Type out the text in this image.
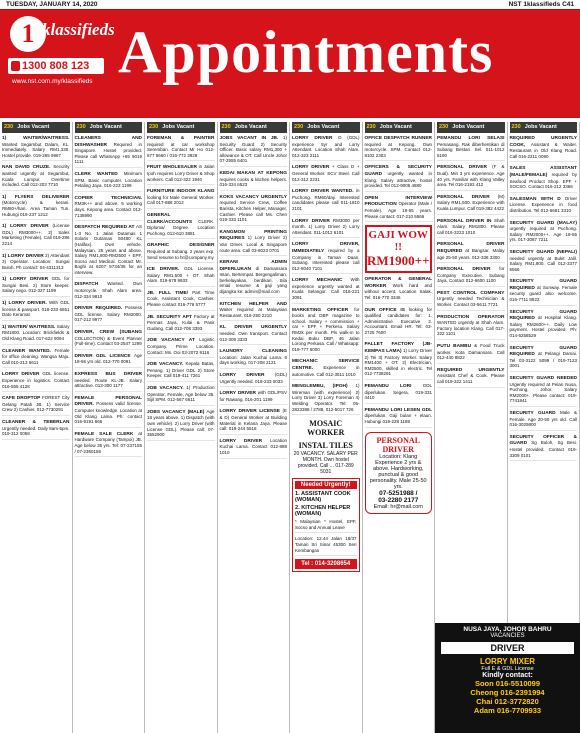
TUESDAY, JANUARY 14, 2020	NST 1klassifieds C41
1 klassifieds
1300 808 123
www.nst.com.my/klassifieds Appointments
230 Jobs Vacant
1) WAITER/WAITRESS. Wanted Segambut Dalam, KL. Immediately. Salary RM1,330. Hostel provide. 019-265 9967
NAN DAVID CRUZE. Security wanted urgently at Segambut, Kuala Lumpur. Overtime included. Call 012-203 7710
1) FLYERS DELIVERER (Motorcycle) & kerani. RM60+/hari. Area Taman Tun. Hubungi 019-237 1212
1) LORRY DRIVER (License GDL) RM3000++. 2) Sales Marketing (Female). Call 019-286 2214
1) LORRY DRIVER 2) Attendant 3) Operator. Location: Sungai Buloh. Ph contact: 04-4311313
1) LORRY DRIVER GDL for Sungai Besi. 2) Store keeper. Salary nego. 012-327 1199
1) LORRY DRIVER. With GDL license & passport. 018-233 6651 Dato Keramat
1) WAITER/ WAITRESS. Salary RM1800. Location: Brickfields & Old Klang Road. 017-622 9094
CLEANER WANTED. Female for office cleaning. Wangsa Maju. Call 010-213 6611
LORRY DRIVER GDL license. Experience in logistics. Contact 016-555 4128
CAFE DROPTOP FOREST City Gelang Patah JB. 1) Service Crew 2) Cashier. 012-7730291
CLEANER & TEBERLAN Urgently needed. Daily 8am-5pm. 019-312 0058
230 Jobs Vacant
CLEANERS AND DISHWASHER Required in Singapore. Hostel provided. Please call WhatsApp +65 9019 1111
CLERK WANTED Minimum SPM. Basic computer. Location Petaling Jaya. 016-223 1199
COPIER TECHNICIAN. RM3K++ and above. 5 working days. Kepong area. Contact 012-7138990
DESPATCH REQUIRED AT AS 1-3 No. 1 Jalan Dutamas 1 Solaris Dutamas 50480 KL (Halifax). Own vehicle. Malaysian, 25 years and above. Salary RM1,800-RM2500 + EPF, Socso and Medical. Contact Mr. Boghi at 6207 9734/35 for an interview.
DISPATCH Wanted. Own motorcycle. Shah Alam area. 012-334 9810
DRIVER REQUIRED. Possess GDL license. Salary RM2000. 017-212 9977
DRIVER, CREW (SUBANG COLLECTION) & Event Planner (Full-time). Contact 03-2547 1299
DRIVER GDL LICENCE Age 18-56 yrs old. 012-770 0091
EXPRESS BUS DRIVER needed. Route KL-JB. Salary attractive. 013-300 1177
FEMALE PERSONAL DRIVER. Possess valid license. Computer knowledge. Location at Old Klang Lama. Ph: contact 016-9191 666
FEMALE SALE CLERK at Hardware Company (Tampoi) JB. Age below 35 yrs. Tel: 07-237155 / 07-2360155
230 Jobs Vacant
FOREMAN & PAINTER required at car workshop Seremban. Contact Mr Ho 012-677 5660 / 016-772 3928
FRUIT WHOLESALER in Jalan Ipoh requires Lorry Driver & Shop workers. Call 012-322 1940
FURNITURE INDOOR KLANG looking for Male General Worker. Call 017-888 2012
GENERAL CLERK/ACCOUNTS CLERK. Diploma/ Degree. Location Puchong. 012-610 3881
GRAPHIC DESIGNER Required at Subang. 2 years exp. Send resume to hr@company.my
ICE DRIVER. GDL License. Salary RM1,500 + OT. Shah Alam. 019-678 9933
JB. FULL TIME/ Part Time Cook, Assistant Cook, Cashier. Please contact 016-776 5777
JB. SECURITY APT Factory at Permas Jaya, Kulai & Pasir Gudang. Call 012-708 3393
JOB VACANCY AT Logistic Company. Prime Location. Contact: Ms. Ooi 03-2072 9116
JOB VACANCY. Kepala Batas, Penang. 1) Driver GDL 2) Store Keeper. Call 019-411 7261
JOB VACANCY. 1) Production Operator, Female, Age below 35. Sijil SPM. 012-567 6611
JOBS VACANCY (MALE) Age 18 years above. 1) Dispatch (with own vehicle). 2) Lorry Driver (with License GDL). Please call: 07-3552900
230 Jobs Vacant
JOBS VACANT IN JB. 1) Security Guard 2) Security Officer. Basic salary RM1,300 + allowance & OT. Call Uncle Johor 07-2555 6401
KEDAI MAKAN AT KEPONG requires cooks & kitchen helpers. 016-334 6523
KOKS VACANCY URGENTLY required Service Crew, Coffee Barista, Kitchen Helper, Manager, Cashier. Please call Ms. Chen 019-333 1101
KANGMON PRINTING REQUIRES 1) Lorry Driver 2) Van Driver. Local & Singapore route area. Call 03-8023 0701
KERANI ADMIN DIPERLUKAN di Damansara Intan, Bertempat. Bergengaliman, berkelayakan, berdikari. Sila email resume & gaji yang dijangka ke: admin@mail.com
KITCHEN HELPER AND Waiter required at Malaysian Restaurant. 016-250 2210
KL DRIVER URGENTLY needed. Own transport. Contact 012-309 3333
LAUNDRY CLEANING Location: Jalan Kuchai Lama. 6 days working. 017-208 2121
LORRY DRIVER (GDL) Urgently needed. 018-233 0033
LORRY DRIVER with GDL/PSV for Rawang. 016-201 1199
LORRY DRIVER LICENSE (E & D) General Worker at Building Material in Kelana Jaya. Please call: 019-244 5518
LORRY DRIVER Location Kuchai Lama. Contact 012-888 1010
230 Jobs Vacant
LORRY DRIVER D (GDL) experience 5yr and Lorry Attendant. Location Shah Alam. 012-323 2111
LORRY DRIVER + Class D + General Worker. SCV Steel. Call 012-312 2231
LORRY DRIVER WANTED. in Puchong. RM60/day. Interested candidates please call 011-1810 2101
LORRY DRIVER RM3000 per month. 1) Lorry Driver 2) Lorry Attendant. 011-1012 6101
LORRY DRIVER, IMMEDIATELY required by a Company in Taman Daan, Subang. Interested please call 012-8040 7101
LORRY MECHANIC With experience urgently wanted at Kuala Selangor. Call 016-221 3091
MARKETING OFFICER for books and DBP magazine to school. Salary + commission + car + EPF + Perkeso. Salary RM2k per month. Pls walk-in to Kedai Buku DBP, 46 Jalan Lorong Perkasa. Call / Whatsapp: 019-777 6000
MECHANIC SERVICE CENTRE. Experience in automotive. Call 012-3511 1010
MENGLEMBU, (IPOH) 1) Wireman (with experience) 2) Lorry Driver 3) Lorry Foreman 4) Welding Operator. Tel: 05-2823388 / 2788, 012-5017 726
MOSAIC WORKER
INSTAL TILES
20 VACANCY. SALARY PER MONTH. Own hostel provided. Call ... 017-289 5031
Needed Urgently!
1. ASSISTANT COOK (WOMAN)
2. KITCHEN HELPER (WOMAN)
* Malaysian * Hostel, EPF, Socso and Annual Leave
Location: 12.44 Jalan 18/37 Taman Sri Sinar 45300 Seri Kembangan
Tel : 014-3208654
230 Jobs Vacant
OFFICE DESPATCH RUNNER required at Kepong. Own motorcycle. SPM. Contact 012-8102 2303
OFFICERS & SECURITY GUARD urgently wanted in Klang. Salary attractive, hostel provided. Tel 012-9005 4880
OPEN INTERVIEW PRODUCTION Operator (Male / Female). Age 18-55 years. Please contact: 017-210 5566
GAJI WOW !!
RM1900++
OPERATOR & GENERAL WORKER Work hard and without accent. Location Salak. Tel: 016-770 3346
OUR OFFICE IS looking for qualified candidates for: 1. Administrative Executive 2. Accountant. Email HR. Tel: 03-2725 7600
PALLET FACTORY (JB-KEMPAS LAMA) 1) Lorry Driver 2) Tei 3) Factory Worker. Salary RM1400 + OT. 2) Electrician, RM2500, skilled in electric. Tel 012-7738291
PEMANDU LORI GDL diperlukan. Segera. 019-331 4410
PEMANDU LORI LESEN GDL diperlukan. Gaji bulan + elaun. Hubungi 019-228 1188
PERSONAL DRIVER
Location: Klang
Experience 2 yrs & above. Hardworking, punctual & good personality. Male 25-50 yrs.
07-5251988 /
03-2280 2177
Email: hr@mail.com
230 Jobs Vacant
PEMANDU LORI SELASI Pemasang. Rak diberhentikan di Subang Bestari. Sel. 011-1012 6190
PERSONAL DRIVER (F & Dual). Min 3 yrs experience. Age 40 yrs. Familiar with Klang Valley area. Tel 016-2193 412
PERSONAL DRIVER (M) Salary RM1,500. Experience with Kuala Lumpur. Call 019-382 4422
PERSONAL DRIVER IN Shah Alam. Salary RM1800. Please call 016-3223 1010
PERSONAL DRIVER REQUIRED at Bangsar. Malay age 25-50 years. 012-338 3300
PERSONAL DRIVER for Company Executive. Subang Jaya. Contact 012-6600 1100
PEST CONTROL COMPANY Urgently needed Technician & Worker. Contact 03-5611 7721
PRODUCTION OPERATOR WANTED urgently at Shah Alam. Factory location Klang. Call 017-322 1101
PUTU BAMBU & Food Truck worker. Kota Damansara. Call 012-440 8822
REQUIRED URGENTLY Assistant Chef & Cook. Please call 019-322 1411
230 Jobs Vacant
REQUIRED URGENTLY COOK, Assistant & Waiter. Restaurant in Old Klang Road. Call 016-2211 0090
SALES ASSISTANT (MALE/FEMALE) required by Seafood Product Shop. EPF + SOCSO. Contact 016-212 3366
SALESMAN WITH D Driver License. Experience in food distribution. Tel 012-6681 3310
SECURITY GUARD (MALAY) urgently required at Puchong. Salary RM2000++. Age 18-55 yrs. 017-3087 7211
SECURITY GUARD (NEPALI) needed urgently at Bukit Jalil. Salary RM1,800. Call 012-3377 5566
SECURITY GUARD REQUIRED at Sunway. Female security guard also welcome. 016-7711 8822
SECURITY GUARD REQUIRED at Hospital Klang. Salary RM2600++. Daily Low payment. Hostel provided. Ph: 014-5258529
SECURITY GUARD REQUIRED at Pelangi Damai. Tel 03-3122 5099 / 019-7123 3001
SECURITY GUARD NEEDED Urgently required at Pelan Nusa, Puchong, Johor. Salary RM2000+. Please contact: 019-7741841
SECURITY GUARD Male & Female. Age 20-50 yrs old. Call 016-3029800
SECURITY OFFICER & GUARD Sg Buloh, Sg Besi. Hostel provided. Contact 019-3309 0101
NUSA JAYA, JOHOR BAHRU
VACANCIES
DRIVER
LORRY MIXER
Full E & GDL License
Kindly contact:
Soon 016-5510099
Cheong 016-2391994
Chai 012-3772820
Adam 016-7709933
